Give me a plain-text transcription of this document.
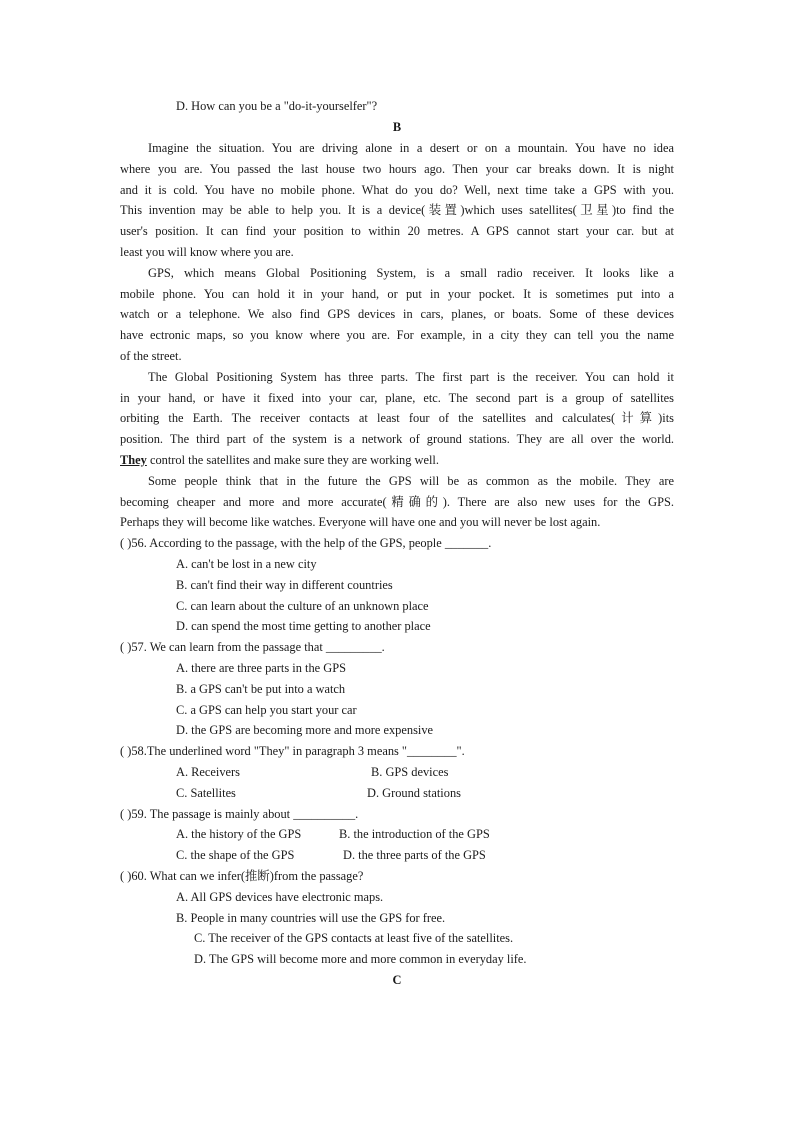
D. How can you be a "do-it-yourselfer"?
B
Imagine the situation. You are driving alone in a desert or on a mountain. You have no idea
where you are. You passed the last house two hours ago. Then your car breaks down. It is night
and it is cold. You have no mobile phone. What do you do? Well, next time take a GPS with you.
This invention may be able to help you. It is a device(装置)which uses satellites(卫星)to find the
user's position. It can find your position to within 20 metres. A GPS cannot start your car. but at
least you will know where you are.
GPS, which means Global Positioning System, is a small radio receiver. It looks like a
mobile phone. You can hold it in your hand, or put in your pocket. It is sometimes put into a
watch or a telephone. We also find GPS devices in cars, planes, or boats. Some of these devices
have ectronic maps, so you know where you are. For example, in a city they can tell you the name
of the street.
The Global Positioning System has three parts. The first part is the receiver. You can hold it
in your hand, or have it fixed into your car, plane, etc. The second part is a group of satellites
orbiting the Earth. The receiver contacts at least four of the satellites and calculates(计算)its
position. The third part of the system is a network of ground stations. They are all over the world.
They control the satellites and make sure they are working well.
Some people think that in the future the GPS will be as common as the mobile. They are
becoming cheaper and more and more accurate(精确的). There are also new uses for the GPS.
Perhaps they will become like watches. Everyone will have one and you will never be lost again.
( )56. According to the passage, with the help of the GPS, people _______.
A. can't be lost in a new city
B. can't find their way in different countries
C. can learn about the culture of an unknown place
D. can spend the most time getting to another place
( )57. We can learn from the passage that _________.
A. there are three parts in the GPS
B. a GPS can't be put into a watch
C. a GPS can help you start your car
D. the GPS are becoming more and more expensive
( )58.The underlined word "They" in paragraph 3 means "________".
A. Receivers	B. GPS devices
C. Satellites	D. Ground stations
( )59. The passage is mainly about __________.
A. the history of the GPS	B. the introduction of the GPS
C. the shape of the GPS	D. the three parts of the GPS
( )60. What can we infer(推断)from the passage?
A. All GPS devices have electronic maps.
B. People in many countries will use the GPS for free.
C. The receiver of the GPS contacts at least five of the satellites.
D. The GPS will become more and more common in everyday life.
C
